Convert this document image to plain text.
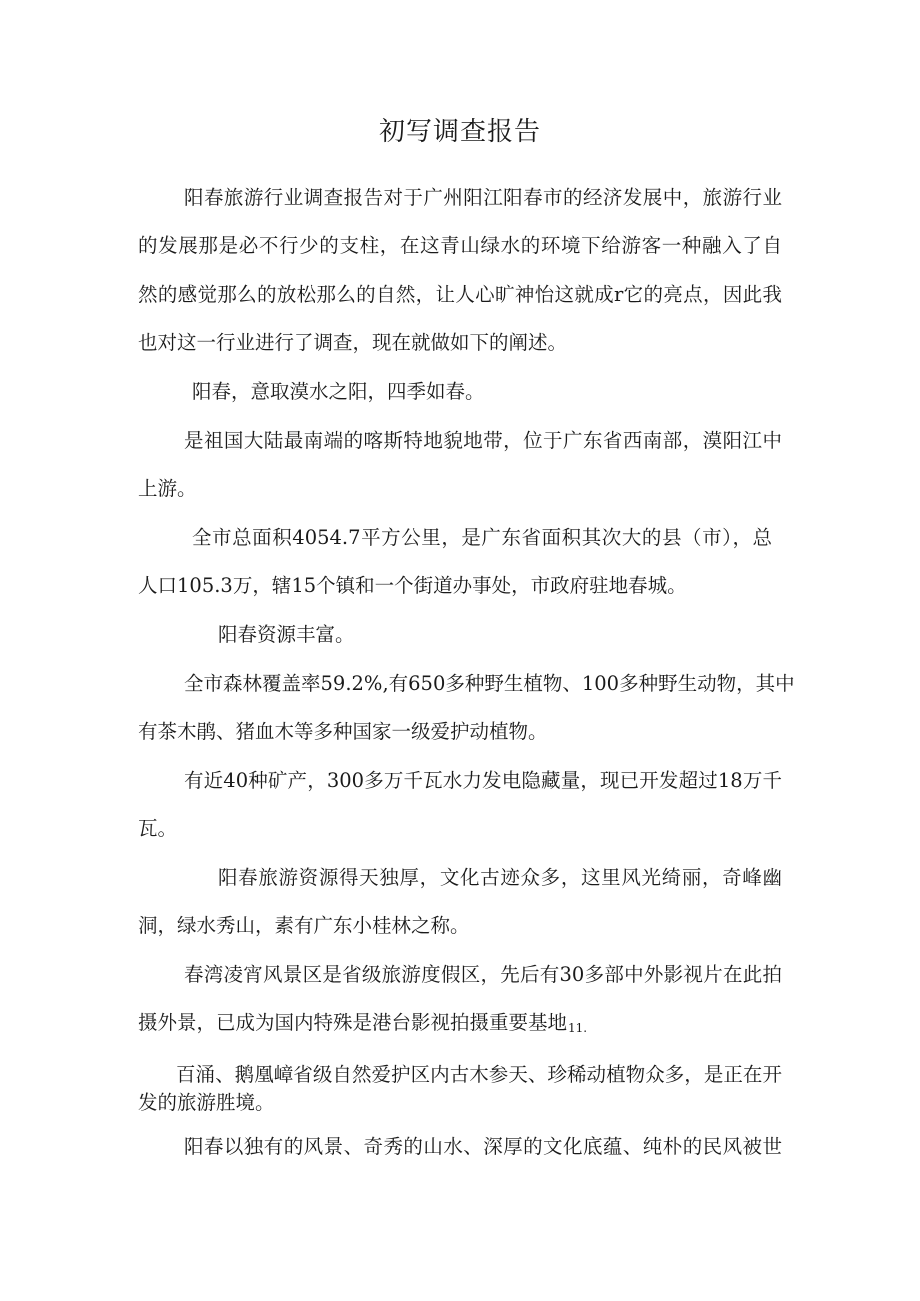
初写调查报告

阳春旅游行业调查报告对于广州阳江阳春市的经济发展中，旅游行业

的发展那是必不行少的支柱，在这青山绿水的环境下给游客一种融入了自

然的感觉那么的放松那么的自然，让人心旷神怡这就成r它的亮点，因此我

也对这一行业进行了调查，现在就做如下的阐述。

阳春，意取漠水之阳，四季如春。

是祖国大陆最南端的喀斯特地貌地带，位于广东省西南部，漠阳江中

上游。

全市总面积4054.7平方公里，是广东省面积其次大的县（市），总

人口105.3万，辖15个镇和一个街道办事处，市政府驻地春城。

阳春资源丰富。

全市森林覆盖率59.2%,有650多种野生植物、100多种野生动物，其中

有茶木鹃、猪血木等多种国家一级爱护动植物。

有近40种矿产，300多万千瓦水力发电隐藏量，现已开发超过18万千

瓦。

阳春旅游资源得天独厚，文化古迹众多，这里风光绮丽，奇峰幽

洞，绿水秀山，素有广东小桂林之称。

春湾凌宵风景区是省级旅游度假区，先后有30多部中外影视片在此拍

摄外景，已成为国内特殊是港台影视拍摄重要基地11.

百涌、鹅凰嶂省级自然爱护区内古木参天、珍稀动植物众多，是正在开

发的旅游胜境。

阳春以独有的风景、奇秀的山水、深厚的文化底蕴、纯朴的民风被世
